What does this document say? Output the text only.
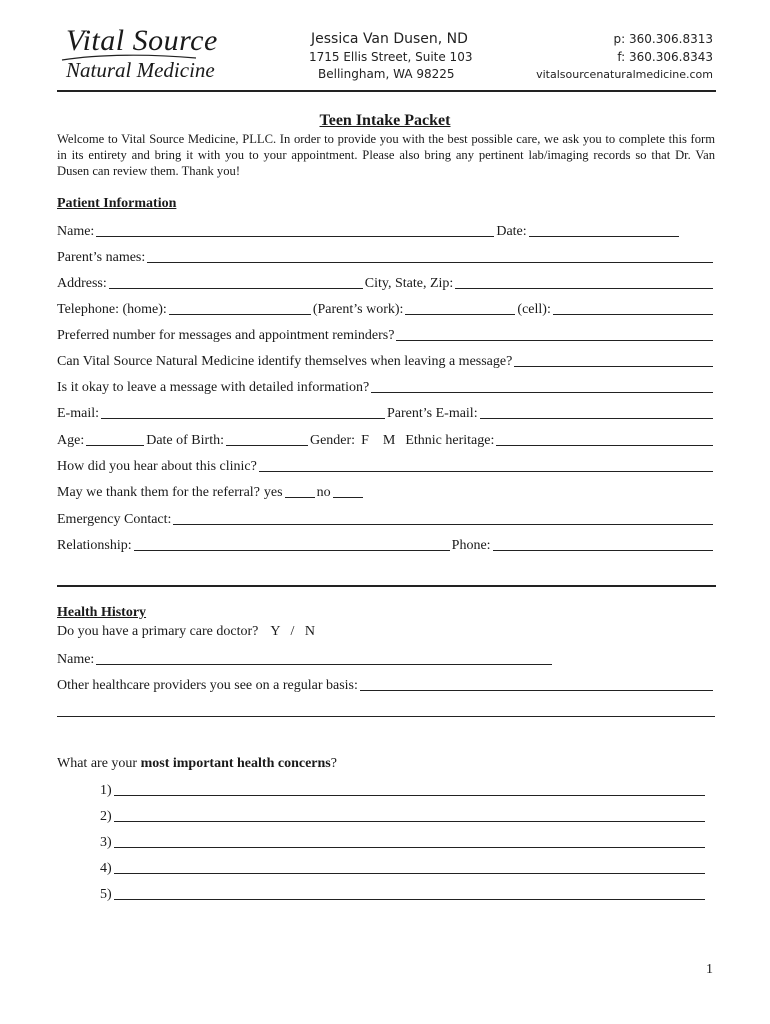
Vital Source
Natural Medicine
Jessica Van Dusen, ND
1715 Ellis Street, Suite 103
Bellingham, WA 98225
p: 360.306.8313
f: 360.306.8343
vitalsourcenaturalmedicine.com
Teen Intake Packet
Welcome to Vital Source Medicine, PLLC. In order to provide you with the best possible care, we ask you to complete this form in its entirety and bring it with you to your appointment. Please also bring any pertinent lab/imaging records so that Dr. Van Dusen can review them. Thank you!
Patient Information
Name:	Date:
Parent’s names:
Address:	City, State, Zip:
Telephone: (home):	(Parent’s work):	(cell):
Preferred number for messages and appointment reminders?
Can Vital Source Natural Medicine identify themselves when leaving a message?
Is it okay to leave a message with detailed information?
E-mail:	Parent’s E-mail:
Age:	Date of Birth:	Gender: F M Ethnic heritage:
How did you hear about this clinic?
May we thank them for the referral? yes no
Emergency Contact:
Relationship:	Phone:
Health History
Do you have a primary care doctor? Y   /   N
Name:
Other healthcare providers you see on a regular basis:
What are your most important health concerns?
1)
2)
3)
4)
5)
1
